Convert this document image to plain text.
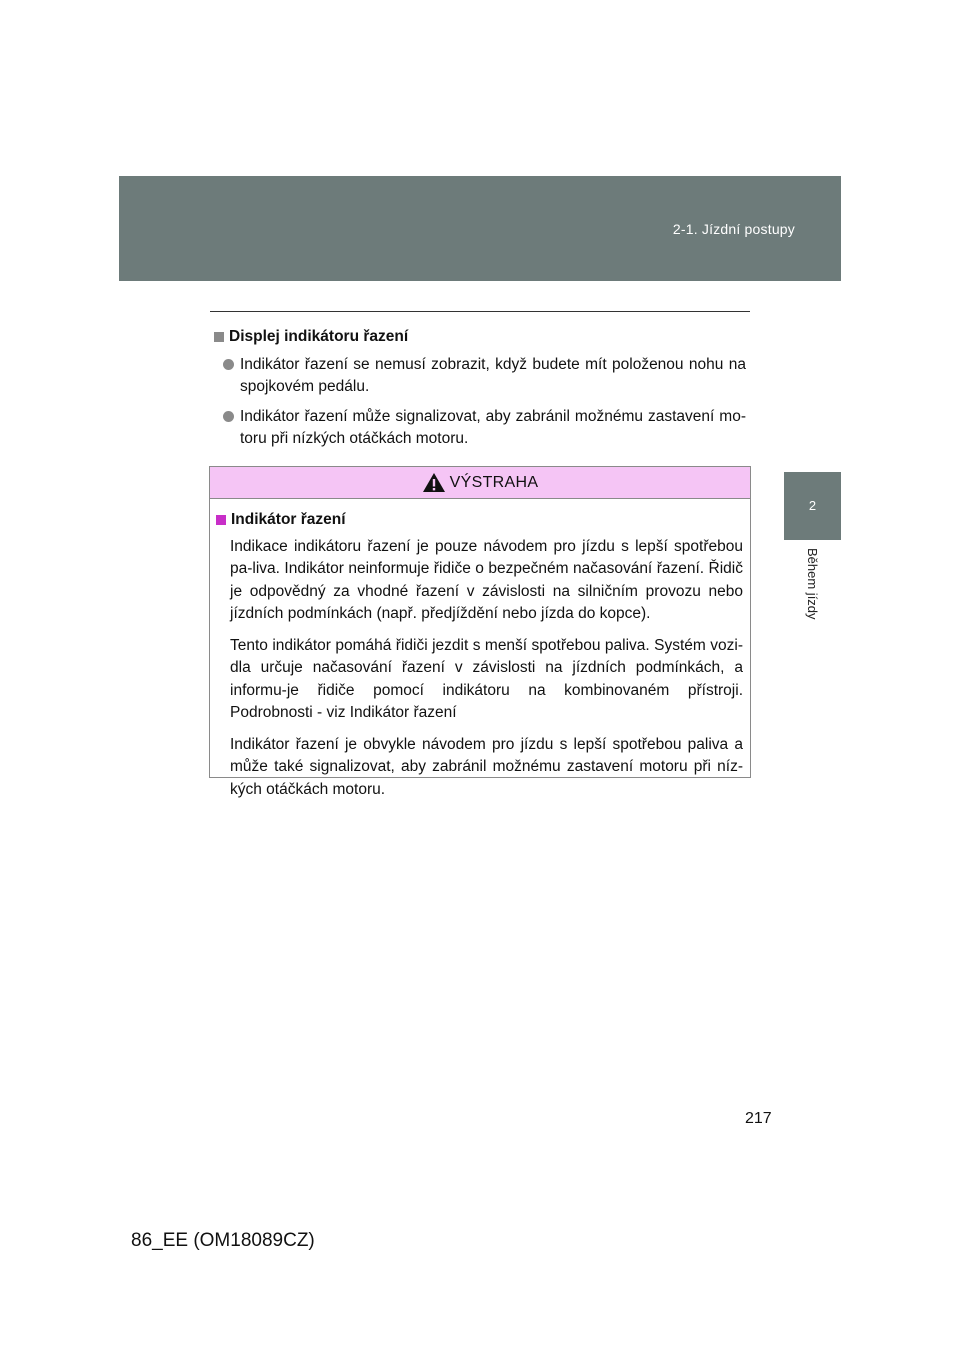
2-1. Jízdní postupy
2
Během jízdy
Displej indikátoru řazení

Indikátor řazení se nemusí zobrazit, když budete mít položenou nohu na spojkovém pedálu.

Indikátor řazení může signalizovat, aby zabránil možnému zastavení mo-toru při nízkých otáčkách motoru.

VÝSTRAHA
Indikátor řazení

Indikace indikátoru řazení je pouze návodem pro jízdu s lepší spotřebou pa-liva. Indikátor neinformuje řidiče o bezpečném načasování řazení. Řidič je odpovědný za vhodné řazení v závislosti na silničním provozu nebo jízdních podmínkách (např. předjíždění nebo jízda do kopce).

Tento indikátor pomáhá řidiči jezdit s menší spotřebou paliva. Systém vozi-dla určuje načasování řazení v závislosti na jízdních podmínkách, a informu-je řidiče pomocí indikátoru na kombinovaném přístroji. Podrobnosti - viz Indikátor řazení

Indikátor řazení je obvykle návodem pro jízdu s lepší spotřebou paliva a může také signalizovat, aby zabránil možnému zastavení motoru při níz-kých otáčkách motoru.

217
86_EE (OM18089CZ)
